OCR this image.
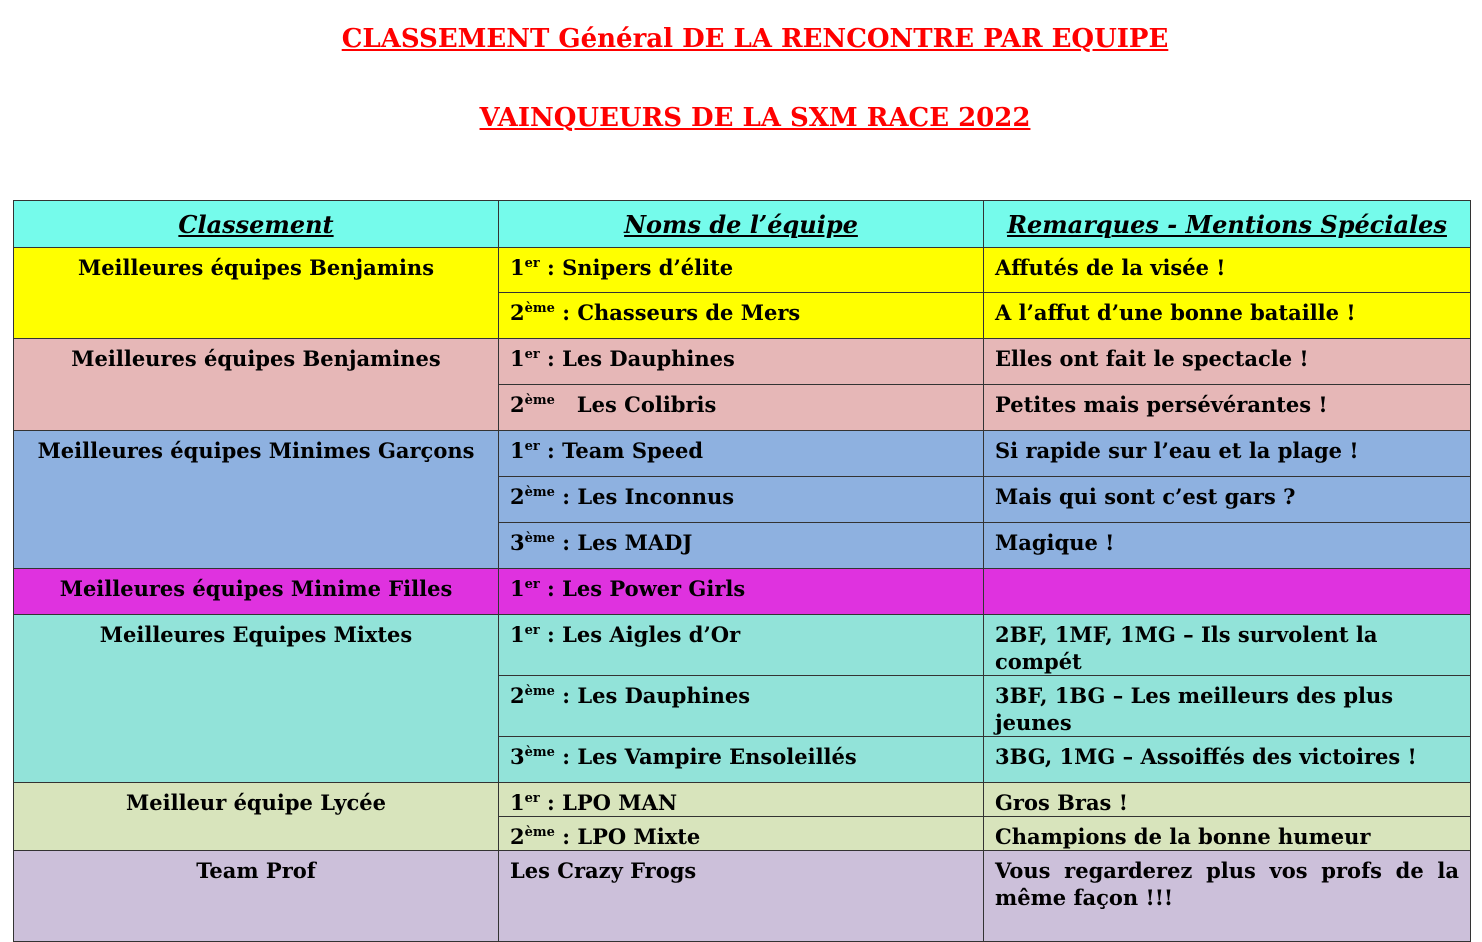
CLASSEMENT Général DE LA RENCONTRE PAR EQUIPE
VAINQUEURS DE LA SXM RACE 2022
Classement	Noms de l’équipe	Remarques - Mentions Spéciales
Meilleures équipes Benjamins	1er : Snipers d’élite	Affutés de la visée !
	2ème : Chasseurs de Mers	A l’affut d’une bonne bataille !
Meilleures équipes Benjamines	1er : Les Dauphines	Elles ont fait le spectacle !
	2ème Les Colibris	Petites mais persévérantes !
Meilleures équipes Minimes Garçons	1er : Team Speed	Si rapide sur l’eau et la plage !
	2ème : Les Inconnus	Mais qui sont c’est gars ?
	3ème : Les MADJ	Magique !
Meilleures équipes Minime Filles	1er : Les Power Girls	
Meilleures Equipes Mixtes	1er : Les Aigles d’Or	2BF, 1MF, 1MG – Ils survolent la compét
	2ème : Les Dauphines	3BF, 1BG – Les meilleurs des plus jeunes
	3ème : Les Vampire Ensoleillés	3BG, 1MG – Assoiffés des victoires !
Meilleur équipe Lycée	1er : LPO MAN	Gros Bras !
	2ème : LPO Mixte	Champions de la bonne humeur
Team Prof	Les Crazy Frogs	Vous regarderez plus vos profs de la même façon !!!
